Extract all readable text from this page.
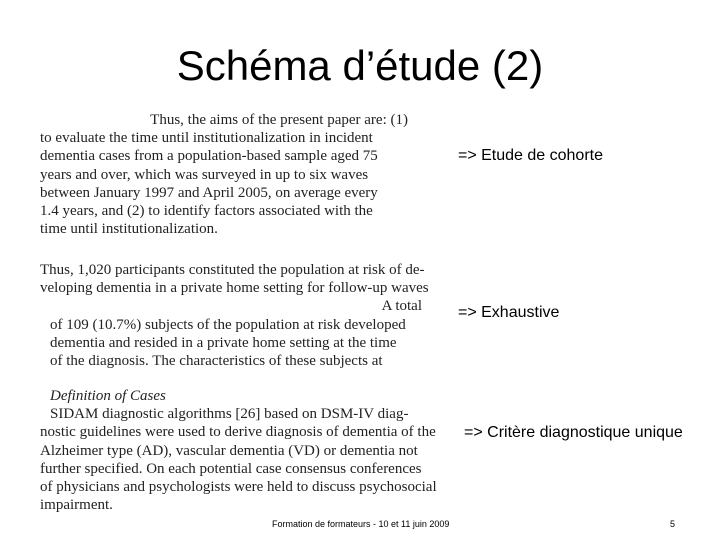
Schéma d’étude (2)
Thus, the aims of the present paper are: (1)
to evaluate the time until institutionalization in incident
dementia cases from a population-based sample aged 75
years and over, which was surveyed in up to six waves
between January 1997 and April 2005, on average every
1.4 years, and (2) to identify factors associated with the
time until institutionalization.
Thus, 1,020 participants constituted the population at risk of de-
veloping dementia in a private home setting for follow-up waves
A total
of 109 (10.7%) subjects of the population at risk developed
dementia and resided in a private home setting at the time
of the diagnosis. The characteristics of these subjects at
Definition of Cases
SIDAM diagnostic algorithms [26] based on DSM-IV diag-
nostic guidelines were used to derive diagnosis of dementia of the
Alzheimer type (AD), vascular dementia (VD) or dementia not
further specified. On each potential case consensus conferences
of physicians and psychologists were held to discuss psychosocial
impairment.
=> Etude de cohorte
=> Exhaustive
=> Critère diagnostique unique
Formation de formateurs - 10 et 11 juin 2009	5
